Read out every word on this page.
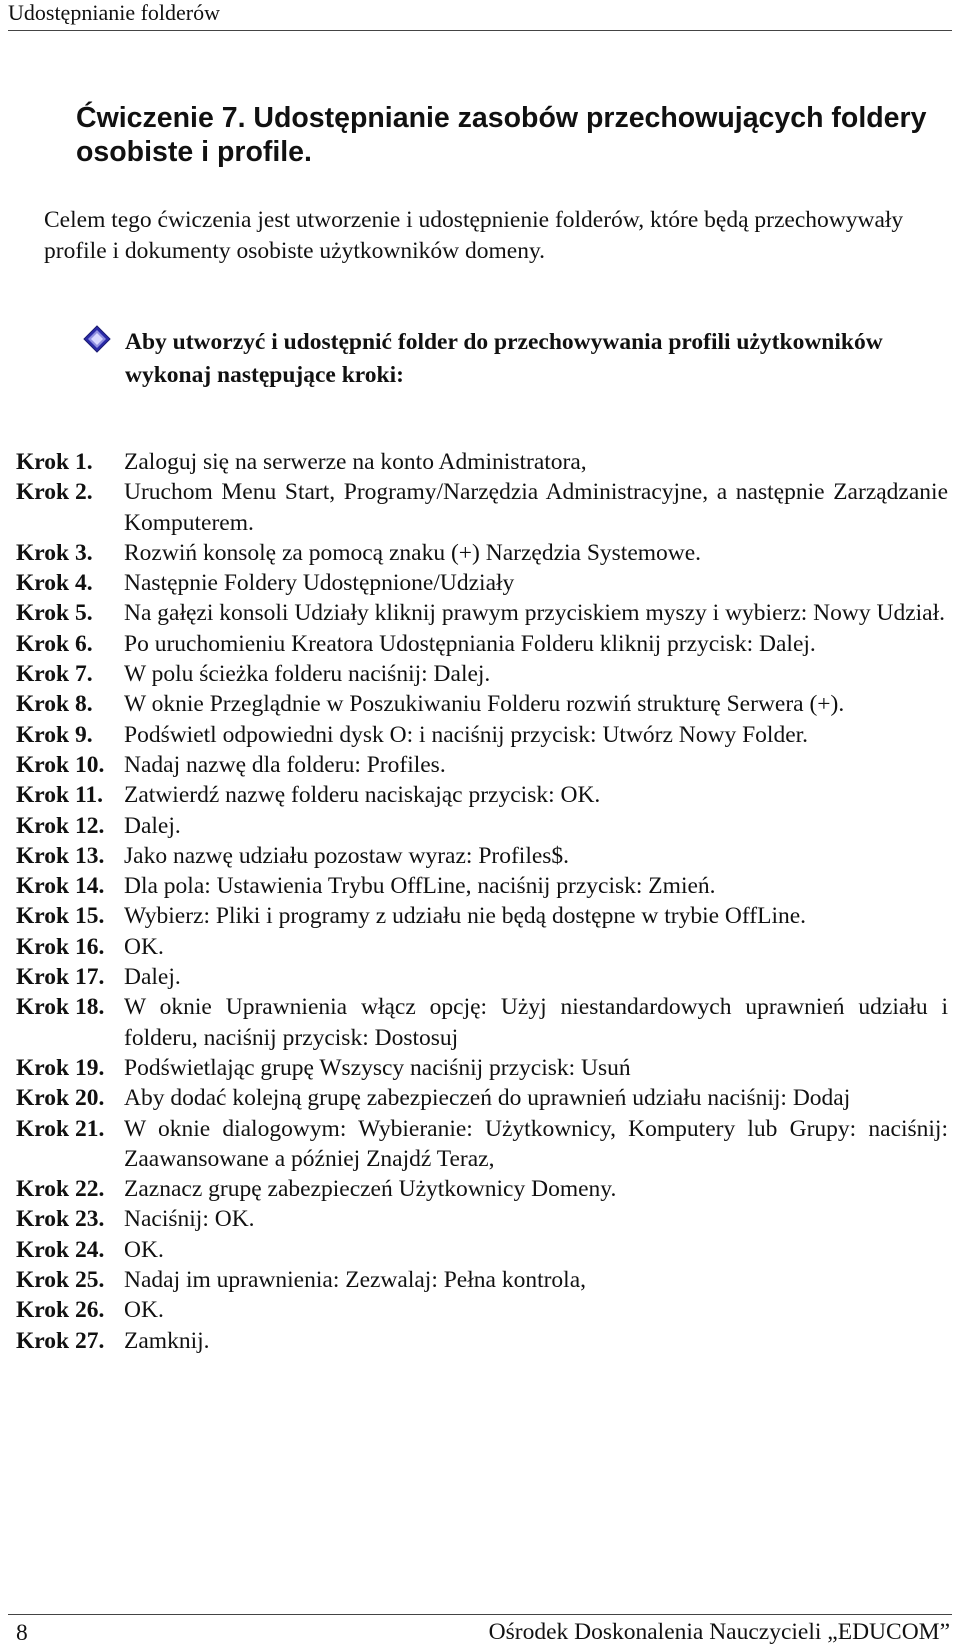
Udostępnianie folderów
Ćwiczenie 7. Udostępnianie zasobów przechowujących foldery osobiste i profile.
Celem tego ćwiczenia jest utworzenie i udostępnienie folderów, które będą przechowywały profile i dokumenty osobiste użytkowników domeny.
Aby utworzyć i udostępnić folder do przechowywania profili użytkowników wykonaj następujące kroki:
Krok 1.	Zaloguj się na serwerze na konto Administratora,
Krok 2.	Uruchom Menu Start, Programy/Narzędzia Administracyjne, a następnie Zarządzanie Komputerem.
Krok 3.	Rozwiń konsolę za pomocą znaku (+) Narzędzia Systemowe.
Krok 4.	Następnie Foldery Udostępnione/Udziały
Krok 5.	Na gałęzi konsoli Udziały kliknij prawym przyciskiem myszy i wybierz: Nowy Udział.
Krok 6.	Po uruchomieniu Kreatora Udostępniania Folderu kliknij przycisk: Dalej.
Krok 7.	W polu ścieżka folderu naciśnij: Dalej.
Krok 8.	W oknie Przeglądnie w Poszukiwaniu Folderu rozwiń strukturę Serwera (+).
Krok 9.	Podświetl odpowiedni dysk O: i naciśnij przycisk: Utwórz Nowy Folder.
Krok 10. Nadaj nazwę dla folderu: Profiles.
Krok 11. Zatwierdź nazwę folderu naciskając przycisk: OK.
Krok 12. Dalej.
Krok 13. Jako nazwę udziału pozostaw wyraz: Profiles$.
Krok 14. Dla pola: Ustawienia Trybu OffLine, naciśnij przycisk: Zmień.
Krok 15. Wybierz: Pliki i programy z udziału nie będą dostępne w trybie OffLine.
Krok 16. OK.
Krok 17. Dalej.
Krok 18. W oknie Uprawnienia włącz opcję: Użyj niestandardowych uprawnień udziału i folderu, naciśnij przycisk: Dostosuj
Krok 19. Podświetlając grupę Wszyscy naciśnij przycisk: Usuń
Krok 20. Aby dodać kolejną grupę zabezpieczeń do uprawnień udziału naciśnij: Dodaj
Krok 21. W oknie dialogowym: Wybieranie: Użytkownicy, Komputery lub Grupy: naciśnij: Zaawansowane a później Znajdź Teraz,
Krok 22. Zaznacz grupę zabezpieczeń Użytkownicy Domeny.
Krok 23. Naciśnij: OK.
Krok 24. OK.
Krok 25. Nadaj im uprawnienia: Zezwalaj: Pełna kontrola,
Krok 26. OK.
Krok 27. Zamknij.
8	Ośrodek Doskonalenia Nauczycieli „EDUCOM”
